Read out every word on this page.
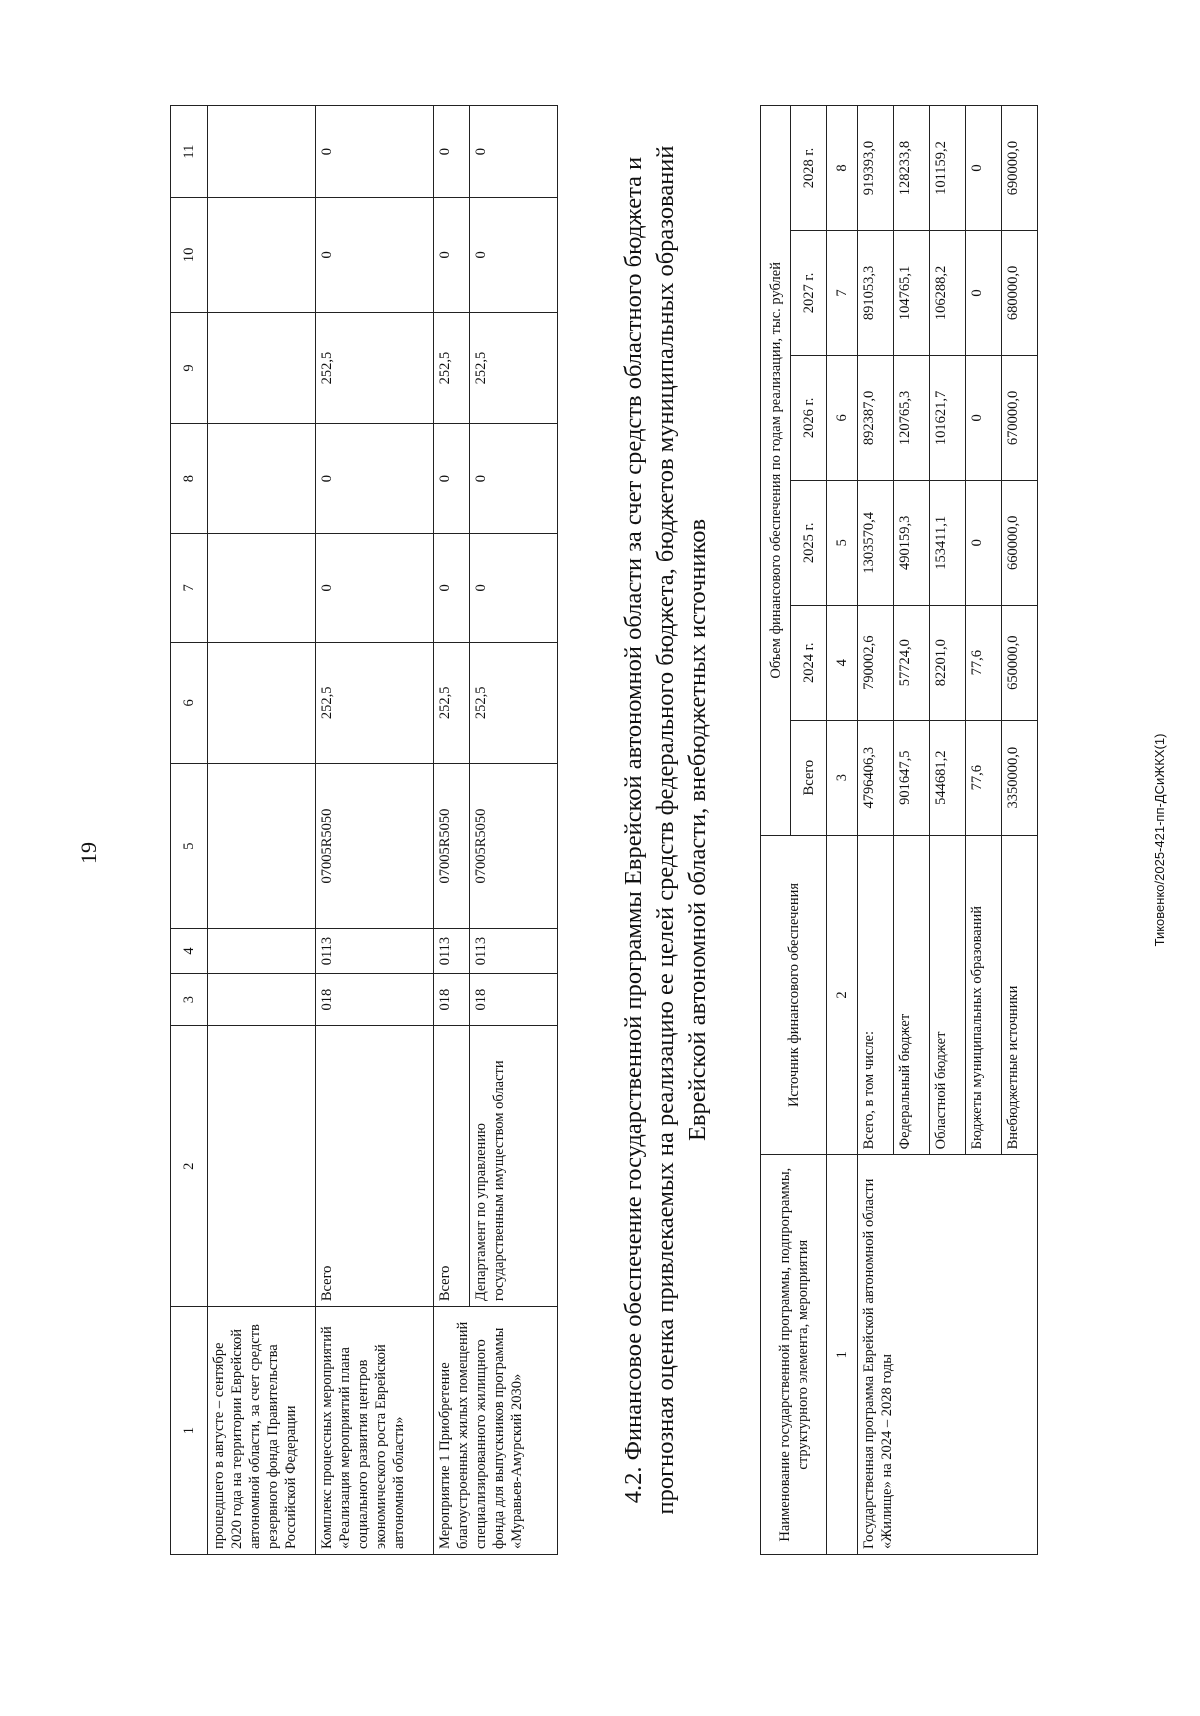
19	Тиковенко/2025-421-пп-ДСиЖКХ(1)
1	2	3	4	5	6	7	8	9	10	11
прошедшего в августе – сентябре 2020 года на территории Еврейской автономной области, за счет средств резервного фонда Правительства Российской Федерации										
Комплекс процессных мероприятий «Реализация мероприятий плана социального развития центров экономического роста Еврейской автономной области»	Всего	018	0113	07005R5050	252,5	0	0	252,5	0	0
Мероприятие 1 Приобретение благоустроенных жилых помещений специализированного жилищного фонда для выпускников программы «Муравьев-Амурский 2030»	Всего	018	0113	07005R5050	252,5	0	0	252,5	0	0
	Департамент по управлению государственным имуществом области	018	0113	07005R5050	252,5	0	0	252,5	0	0
4.2. Финансовое обеспечение государственной программы Еврейской автономной области за счет средств областного бюджета и прогнозная оценка привлекаемых на реализацию ее целей средств федерального бюджета, бюджетов муниципальных образований Еврейской автономной области, внебюджетных источников
Наименование государственной программы, подпрограммы, структурного элемента, мероприятия	Источник финансового обеспечения	Объем финансового обеспечения по годам реализации, тыс. рублей					
		Всего	2024 г.	2025 г.	2026 г.	2027 г.	2028 г.
1	2	3	4	5	6	7	8
Государственная программа Еврейской автономной области «Жилище» на 2024 – 2028 годы	Всего, в том числе:	4796406,3	790002,6	1303570,4	892387,0	891053,3	919393,0
	Федеральный бюджет	901647,5	57724,0	490159,3	120765,3	104765,1	128233,8
	Областной бюджет	544681,2	82201,0	153411,1	101621,7	106288,2	101159,2
	Бюджеты муниципальных образований	77,6	77,6	0	0	0	0
	Внебюджетные источники	3350000,0	650000,0	660000,0	670000,0	680000,0	690000,0
